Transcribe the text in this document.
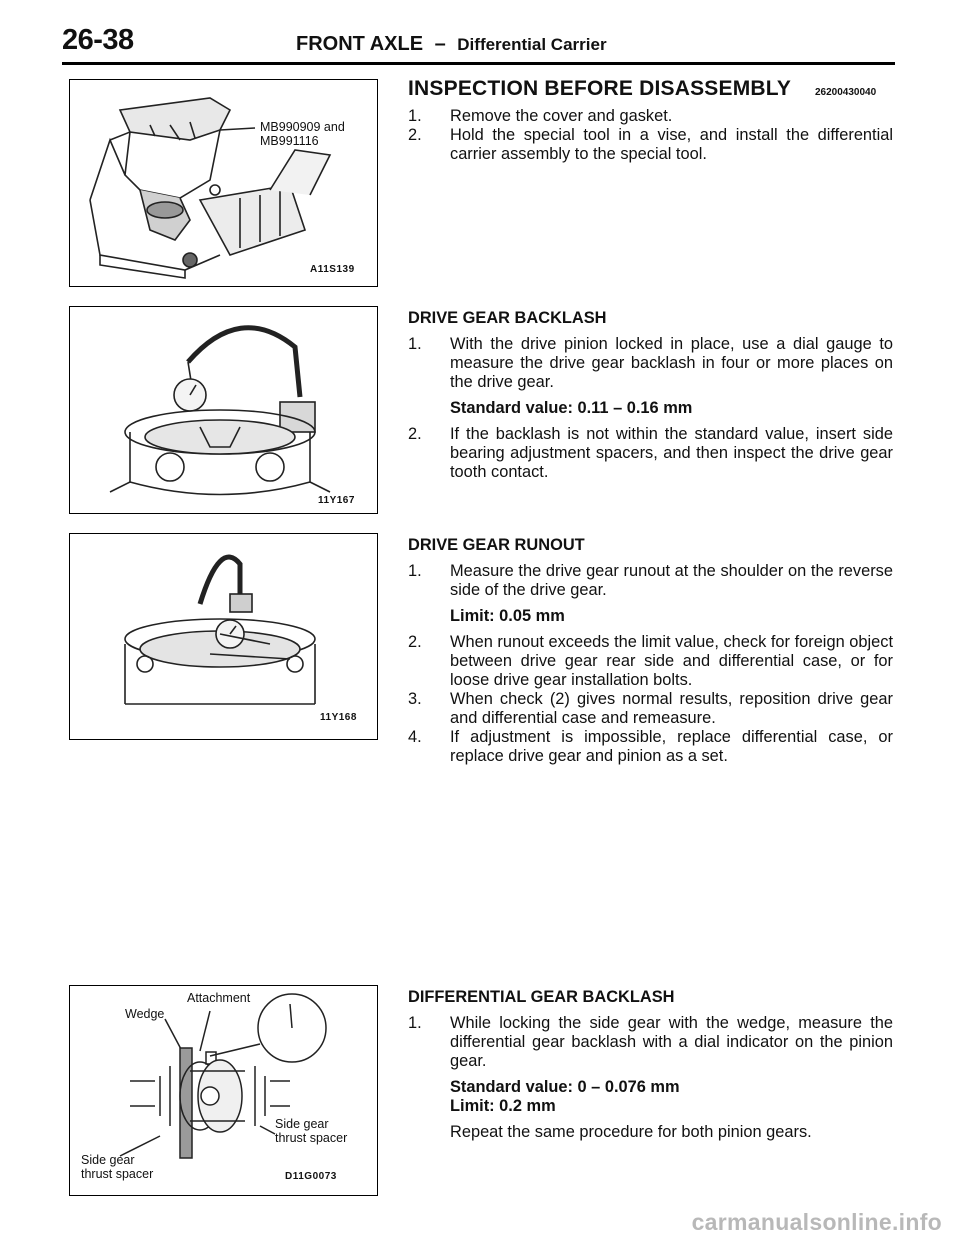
26-38	FRONT AXLE – Differential Carrier
MB990909 and
MB991116
A11S139
INSPECTION BEFORE DISASSEMBLY 26200430040
1. Remove the cover and gasket.
2. Hold the special tool in a vise, and install the differential carrier assembly to the special tool.
11Y167
DRIVE GEAR BACKLASH
1. With the drive pinion locked in place, use a dial gauge to measure the drive gear backlash in four or more places on the drive gear.
Standard value: 0.11 – 0.16 mm
2. If the backlash is not within the standard value, insert side bearing adjustment spacers, and then inspect the drive gear tooth contact.
11Y168
DRIVE GEAR RUNOUT
1. Measure the drive gear runout at the shoulder on the reverse side of the drive gear.
Limit: 0.05 mm
2. When runout exceeds the limit value, check for foreign object between drive gear rear side and differential case, or for loose drive gear installation bolts.
3. When check (2) gives normal results, reposition drive gear and differential case and remeasure.
4. If adjustment is impossible, replace differential case, or replace drive gear and pinion as a set.
Attachment
Wedge
Side gear
thrust spacer
Side gear
thrust spacer	D11G0073
DIFFERENTIAL GEAR BACKLASH
1. While locking the side gear with the wedge, measure the differential gear backlash with a dial indicator on the pinion gear.
Standard value: 0 – 0.076 mm
Limit: 0.2 mm
Repeat the same procedure for both pinion gears.
carmanualsonline.info
